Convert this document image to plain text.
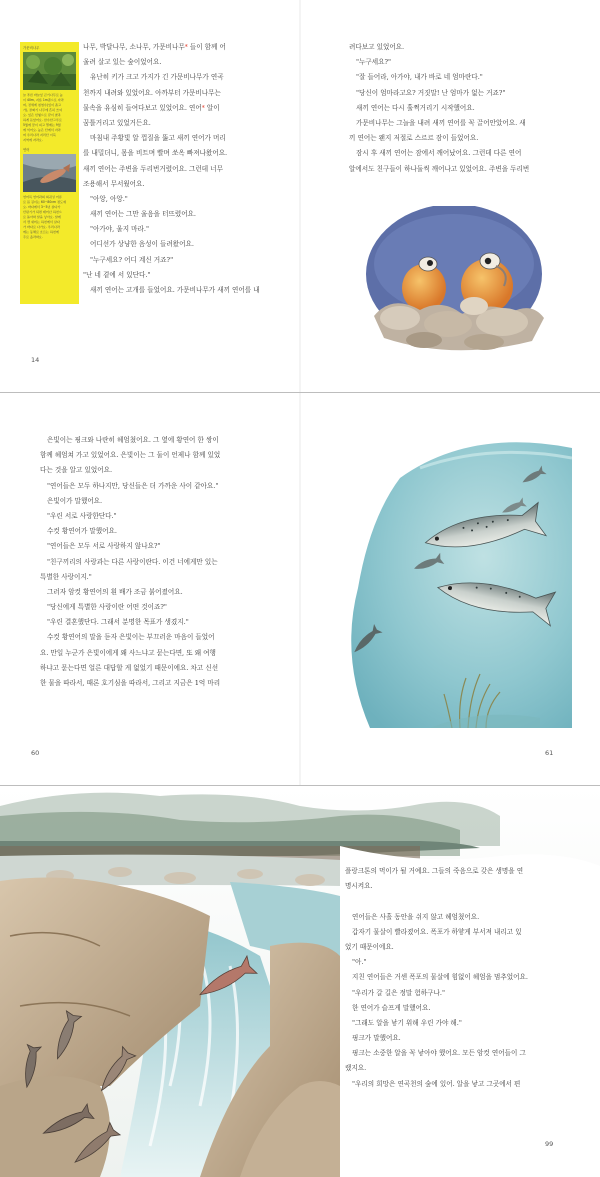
가문비나무
늘 푸른 바늘잎 큰키나무로 높
이 40m, 지름 1m쯤으로 자라
며, 전세계 침엽수(잎이 좁고
가), 골짜기 나무에 흔히 쓰여
요. 잎은 선형으로 끝이 뾰족
하게 돋았어요. 암수한그루로
5월에 꽃이 피고 열매는 9월
에 익어요. 높은 산에서 자라
며 우리나라 지리산 이북
지역에 자라요.
연어
연어목 연어과의 회귀성 어류
로 몸 길이는 60~80cm 정도예
요. 바다에서 3~5년 살다가
산란기가 되면 태어난 하천으
로 돌아와 알을 낳아요. 알에
서 깬 새끼는 하천에서 살다
가 바다로 나가요. 우리나라
에는 동해로 흐르는 하천에
주로 올라와요.

나무, 박달나무, 소나무, 가문비나무* 들이 함께 어

울려 살고 있는 숲이었어요.

유난히 키가 크고 가지가 긴 가문비나무가 연곡

천까지 내려와 있었어요. 아까부터 가문비나무는

물속을 유심히 들여다보고 있었어요. 연어* 알이

꿈틀거리고 있었거든요.

마침내 주황빛 알 껍질을 뚫고 새끼 연어가 머리

를 내밀더니, 몸을 비트며 빨며 쏘옥 빠져나왔어요.

새끼 연어는 주변을 두리번거렸어요. 그런데 너무

조용해서 무서웠어요.

"아앙, 아앙."

새끼 연어는 그만 울음을 터뜨렸어요.

"아가야, 울지 마라."

어디선가 상냥한 음성이 들려왔어요.

"누구세요? 어디 계신 거죠?"

"난 네 곁에 서 있단다."

새끼 연어는 고개를 들었어요. 가문비나무가 새끼 연어를 내

14

려다보고 있었어요.

"누구세요?"

"잘 들어라, 아가야, 내가 바로 네 엄마란다."

"당신이 엄마라고요? 거짓말! 난 엄마가 없는 거죠?"

새끼 연어는 다시 훌쩍거리기 시작했어요.

가문비나무는 그늘을 내려 새끼 연어를 꼭 끌어안았어요. 새

끼 연어는 왠지 저절로 스르르 잠이 들었어요.

잠시 후 새끼 연어는 잠에서 깨어났어요. 그런데 다른 연어

알에서도 친구들이 하나둘씩 깨어나고 있었어요. 주변을 두리번

은빛이는 핑크와 나란히 헤엄쳤어요. 그 옆에 황연어 한 쌍이

함께 헤엄쳐 가고 있었어요. 은빛이는 그 둘이 언제나 함께 있었

다는 것을 알고 있었어요.

"연어들은 모두 하나지만, 당신들은 더 가까운 사이 같아요."

은빛이가 말했어요.

"우린 서로 사랑한단다."

수컷 황연어가 말했어요.

"연어들은 모두 서로 사랑하지 않나요?"

"친구끼리의 사랑과는 다른 사랑이란다. 이건 너에게만 있는

특별한 사랑이지."

그러자 암컷 황연어의 흰 배가 조금 붉어졌어요.

"당신에게 특별한 사랑이란 어떤 것이죠?"

"우린 결혼했단다. 그래서 분명한 목표가 생겼지."

수컷 황연어의 말을 듣자 은빛이는 부끄러운 마음이 들었어

요. 만일 누군가 은빛이에게 왜 사느냐고 묻는다면, 또 왜 여행

하냐고 묻는다면 얼른 대답할 게 없었기 때문이에요. 차고 신선

한 물을 따라서, 때론 호기심을 따라서, 그리고 지금은 1억 마리

60	61

플랑크톤의 먹이가 될 거예요. 그들의 죽음으로 갖은 생명을 연

명시켜요.

연어들은 사흘 동안을 쉬지 않고 헤엄쳤어요.

갑자기 물살이 빨라졌어요. 폭포가 하얗게 부서져 내리고 있

었기 때문이에요.

"아."

지친 연어들은 거센 폭포의 물살에 힘없이 헤엄을 멈추었어요.

"우리가 갈 길은 정말 험하구나."

한 연어가 슬프게 말했어요.

"그래도 알을 낳기 위해 우린 가야 해."

핑크가 말했어요.

핑크는 소중한 알을 꼭 낳아야 했어요. 모든 암컷 연어들이 그

랬지요.

"우리의 희망은 연곡천의 숲에 있어. 알을 낳고 그곳에서 편

99
